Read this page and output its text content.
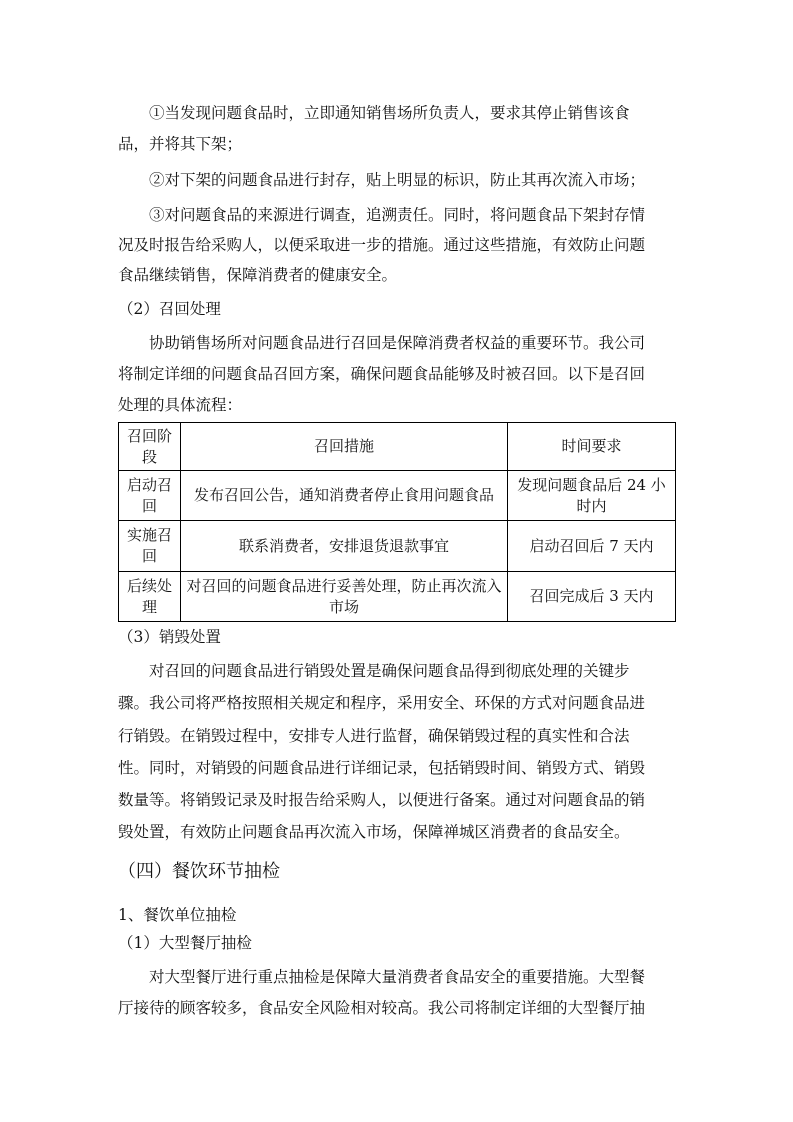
①当发现问题食品时，立即通知销售场所负责人，要求其停止销售该食
品，并将其下架；
②对下架的问题食品进行封存，贴上明显的标识，防止其再次流入市场；
③对问题食品的来源进行调查，追溯责任。同时，将问题食品下架封存情
况及时报告给采购人，以便采取进一步的措施。通过这些措施，有效防止问题
食品继续销售，保障消费者的健康安全。
（2）召回处理
协助销售场所对问题食品进行召回是保障消费者权益的重要环节。我公司
将制定详细的问题食品召回方案，确保问题食品能够及时被召回。以下是召回
处理的具体流程：
召回阶段	召回措施	时间要求
启动召回	发布召回公告，通知消费者停止食用问题食品	发现问题食品后 24 小时内
实施召回	联系消费者，安排退货退款事宜	启动召回后 7 天内
后续处理	对召回的问题食品进行妥善处理，防止再次流入市场	召回完成后 3 天内
（3）销毁处置
对召回的问题食品进行销毁处置是确保问题食品得到彻底处理的关键步
骤。我公司将严格按照相关规定和程序，采用安全、环保的方式对问题食品进
行销毁。在销毁过程中，安排专人进行监督，确保销毁过程的真实性和合法
性。同时，对销毁的问题食品进行详细记录，包括销毁时间、销毁方式、销毁
数量等。将销毁记录及时报告给采购人，以便进行备案。通过对问题食品的销
毁处置，有效防止问题食品再次流入市场，保障禅城区消费者的食品安全。
（四）餐饮环节抽检
1、餐饮单位抽检
（1）大型餐厅抽检
对大型餐厅进行重点抽检是保障大量消费者食品安全的重要措施。大型餐
厅接待的顾客较多，食品安全风险相对较高。我公司将制定详细的大型餐厅抽
